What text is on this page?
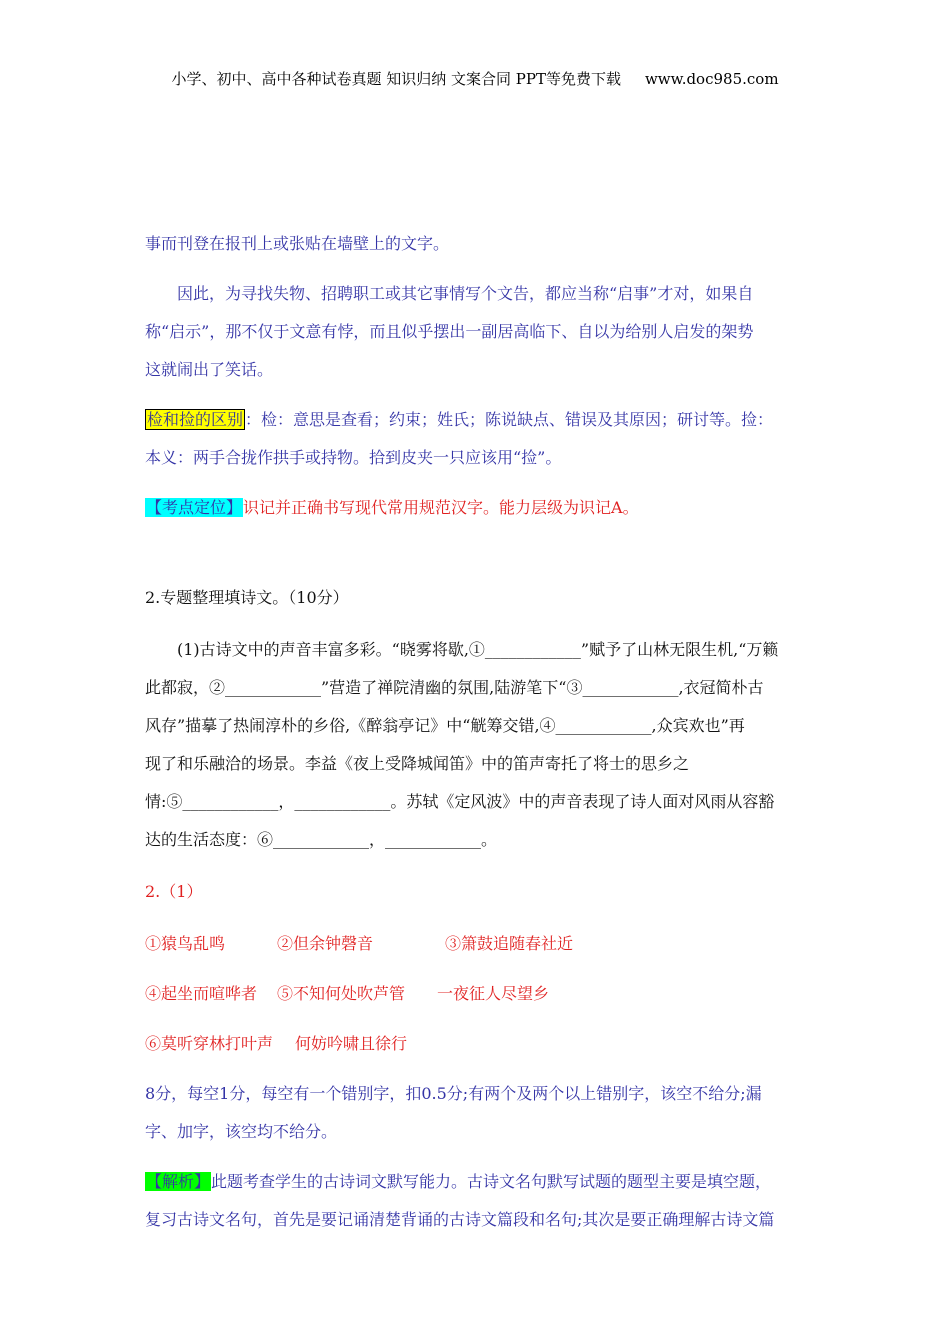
小学、初中、高中各种试卷真题 知识归纳 文案合同 PPT等免费下载 www.doc985.com

事而刊登在报刊上或张贴在墙壁上的文字。

因此，为寻找失物、招聘职工或其它事情写个文告，都应当称“启事”才对，如果自

称“启示”，那不仅于文意有悖，而且似乎摆出一副居高临下、自以为给别人启发的架势

这就闹出了笑话。

检和捡的区别 ：检：意思是查看；约束；姓氏；陈说缺点、错误及其原因；研讨等。捡：

本义：两手合拢作拱手或持物。拾到皮夹一只应该用“捡”。

【考点定位】识记并正确书写现代常用规范汉字。能力层级为识记A。

2.专题整理填诗文。（10分）

(1)古诗文中的声音丰富多彩。“晓雾将歇,①____________”赋予了山林无限生机,“万籁

此都寂，②____________”营造了禅院清幽的氛围,陆游笔下“③____________,衣冠简朴古

风存”描摹了热闹淳朴的乡俗,《醉翁亭记》中“觥筹交错,④____________,众宾欢也”再

现了和乐融洽的场景。李益《夜上受降城闻笛》中的笛声寄托了将士的思乡之

情:⑤____________，____________。苏轼《定风波》中的声音表现了诗人面对风雨从容豁

达的生活态度：⑥____________，____________。

2.（1）

①猿鸟乱鸣	②但余钟磬音	③箫鼓追随春社近

④起坐而喧哗者 ⑤不知何处吹芦管 一夜征人尽望乡

⑥莫听穿林打叶声 何妨吟啸且徐行

8分，每空1分，每空有一个错别字，扣0.5分;有两个及两个以上错别字，该空不给分;漏

字、加字，该空均不给分。

【解析】此题考查学生的古诗词文默写能力。古诗文名句默写试题的题型主要是填空题，

复习古诗文名句，首先是要记诵清楚背诵的古诗文篇段和名句;其次是要正确理解古诗文篇
